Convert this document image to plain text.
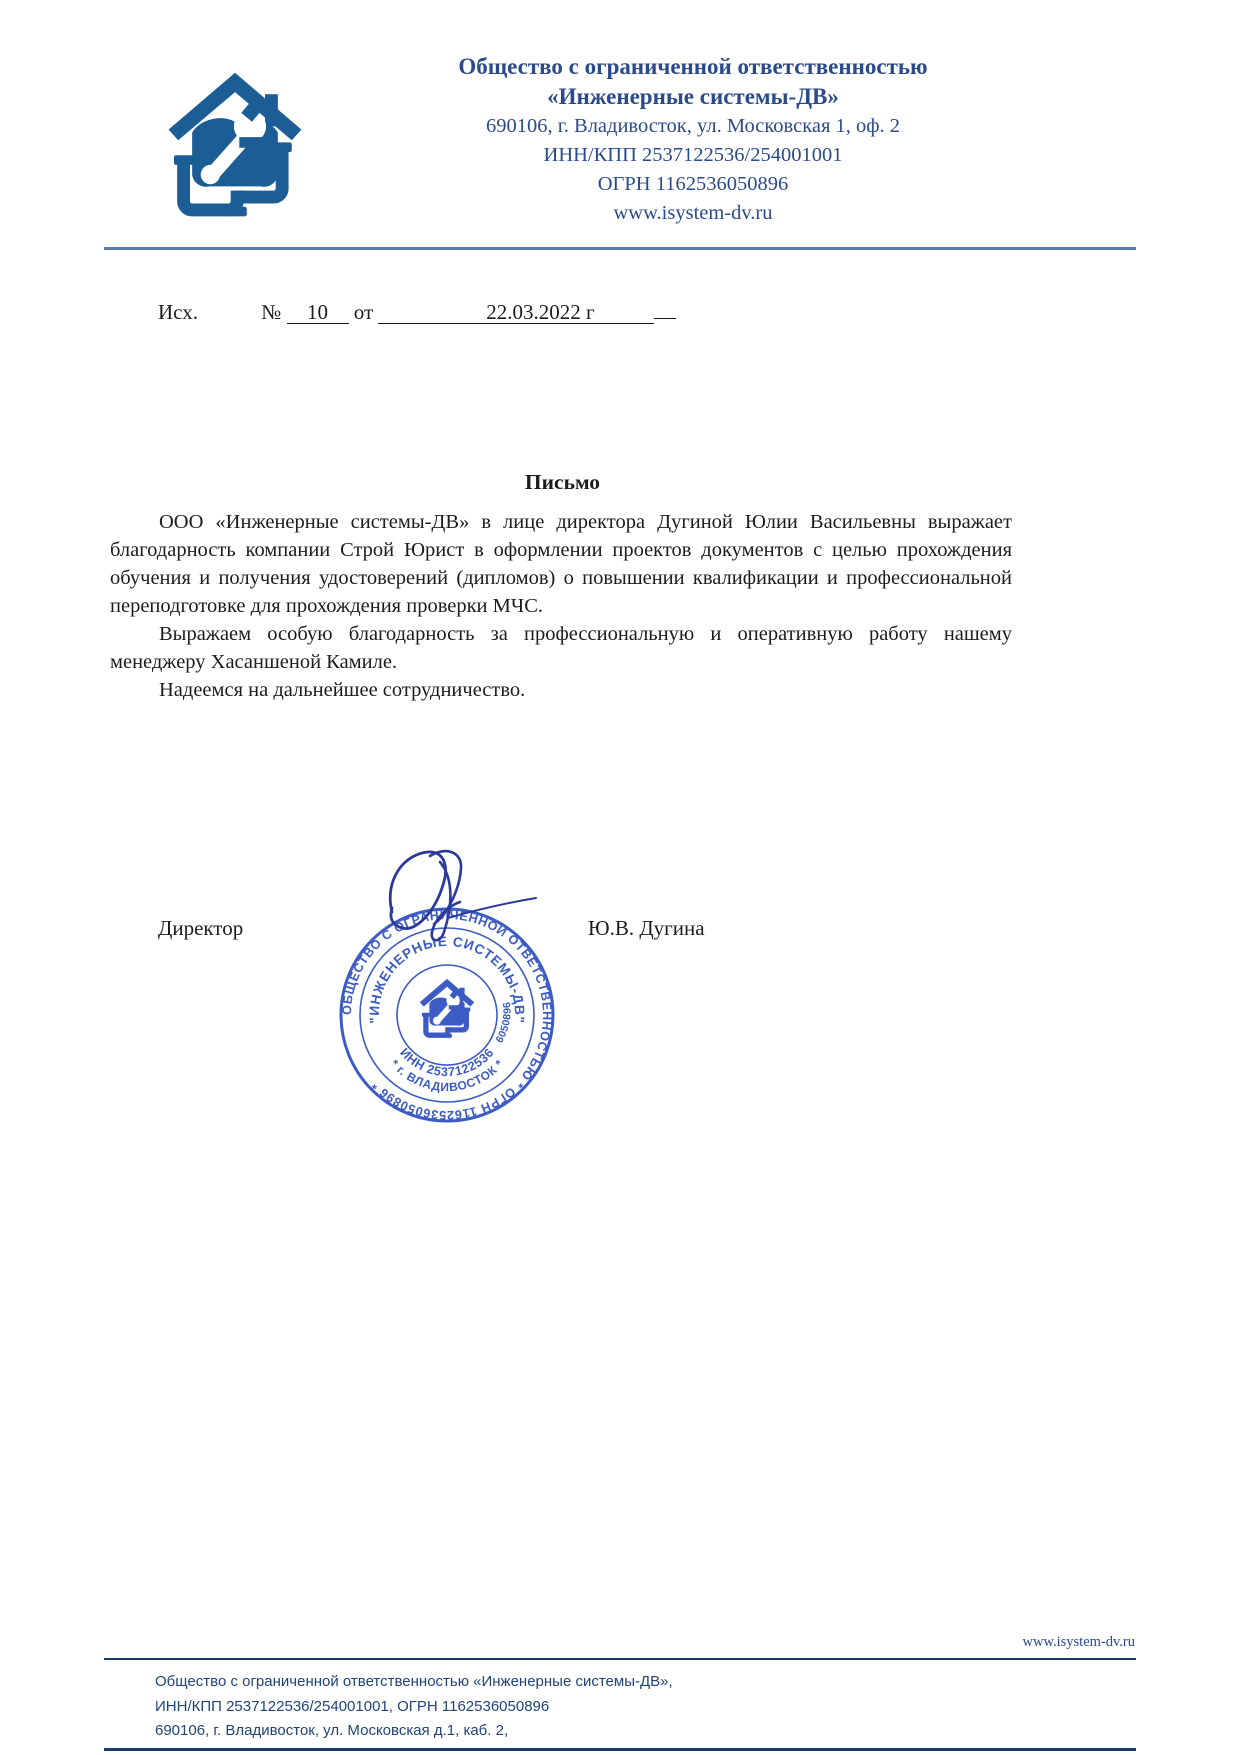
Общество с ограниченной ответственностью
«Инженерные системы-ДВ»
690106, г. Владивосток, ул. Московская 1, оф. 2
ИНН/КПП 2537122536/254001001
ОГРН 1162536050896
www.isystem-dv.ru
Исх.	№ 10 от	22.03.2022 г
Письмо

ООО «Инженерные системы-ДВ» в лице директора Дугиной Юлии Васильевны выражает благодарность компании Строй Юрист в оформлении проектов документов с целью прохождения обучения и получения удостоверений (дипломов) о повышении квалификации и профессиональной переподготовке для прохождения проверки МЧС.

Выражаем особую благодарность за профессиональную и оперативную работу нашему менеджеру Хасаншеной Камиле.

Надеемся на дальнейшее сотрудничество.

Директор	Ю.В. Дугина
ОБЩЕСТВО С ОГРАНИЧЕННОЙ ОТВЕТСТВЕННОСТЬЮ * ОГРН 1162536050896 *
"ИНЖЕНЕРНЫЕ СИСТЕМЫ-ДВ"
ИНН 2537122536
* г. ВЛАДИВОСТОК *
6050896
www.isystem-dv.ru
Общество с ограниченной ответственностью «Инженерные системы-ДВ»,
ИНН/КПП 2537122536/254001001, ОГРН 1162536050896
690106, г. Владивосток, ул. Московская д.1, каб. 2,
